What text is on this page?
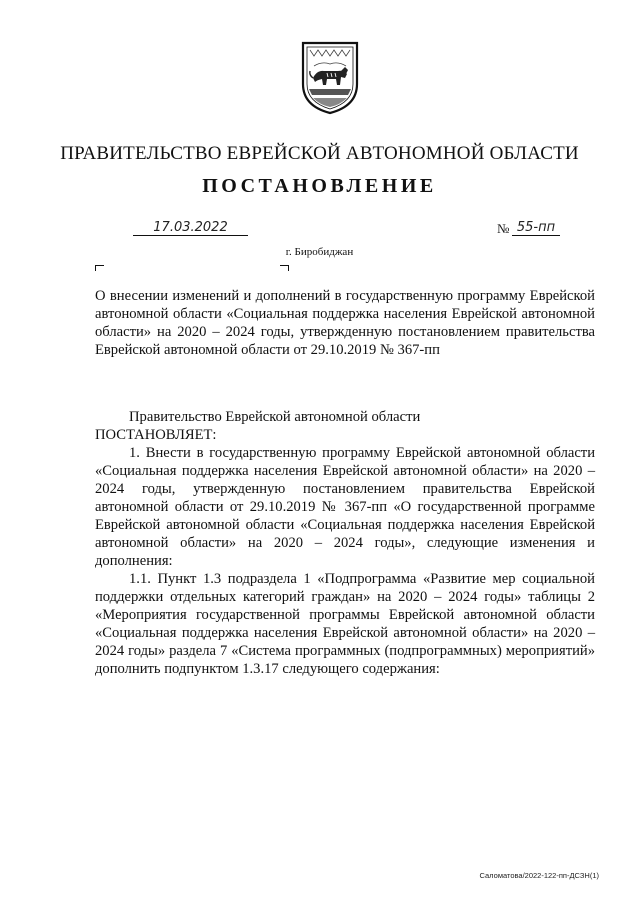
ПРАВИТЕЛЬСТВО ЕВРЕЙСКОЙ АВТОНОМНОЙ ОБЛАСТИ
ПОСТАНОВЛЕНИЕ
17.03.2022	№ 55-пп
г. Биробиджан

О внесении изменений и дополнений в государственную программу Еврейской автономной области «Социальная поддержка населения Еврейской автономной области» на 2020 – 2024 годы, утвержденную постановлением правительства Еврейской автономной области от 29.10.2019 № 367-пп

Правительство Еврейской автономной области

ПОСТАНОВЛЯЕТ:

1. Внести в государственную программу Еврейской автономной области «Социальная поддержка населения Еврейской автономной области» на 2020 – 2024 годы, утвержденную постановлением правительства Еврейской автономной области от 29.10.2019 № 367-пп «О государственной программе Еврейской автономной области «Социальная поддержка населения Еврейской автономной области» на 2020 – 2024 годы», следующие изменения и дополнения:

1.1. Пункт 1.3 подраздела 1 «Подпрограмма «Развитие мер социальной поддержки отдельных категорий граждан» на 2020 – 2024 годы» таблицы 2 «Мероприятия государственной программы Еврейской автономной области «Социальная поддержка населения Еврейской автономной области» на 2020 – 2024 годы» раздела 7 «Система программных (подпрограммных) мероприятий» дополнить подпунктом 1.3.17 следующего содержания:

Саломатова/2022-122-пп-ДСЗН(1)
